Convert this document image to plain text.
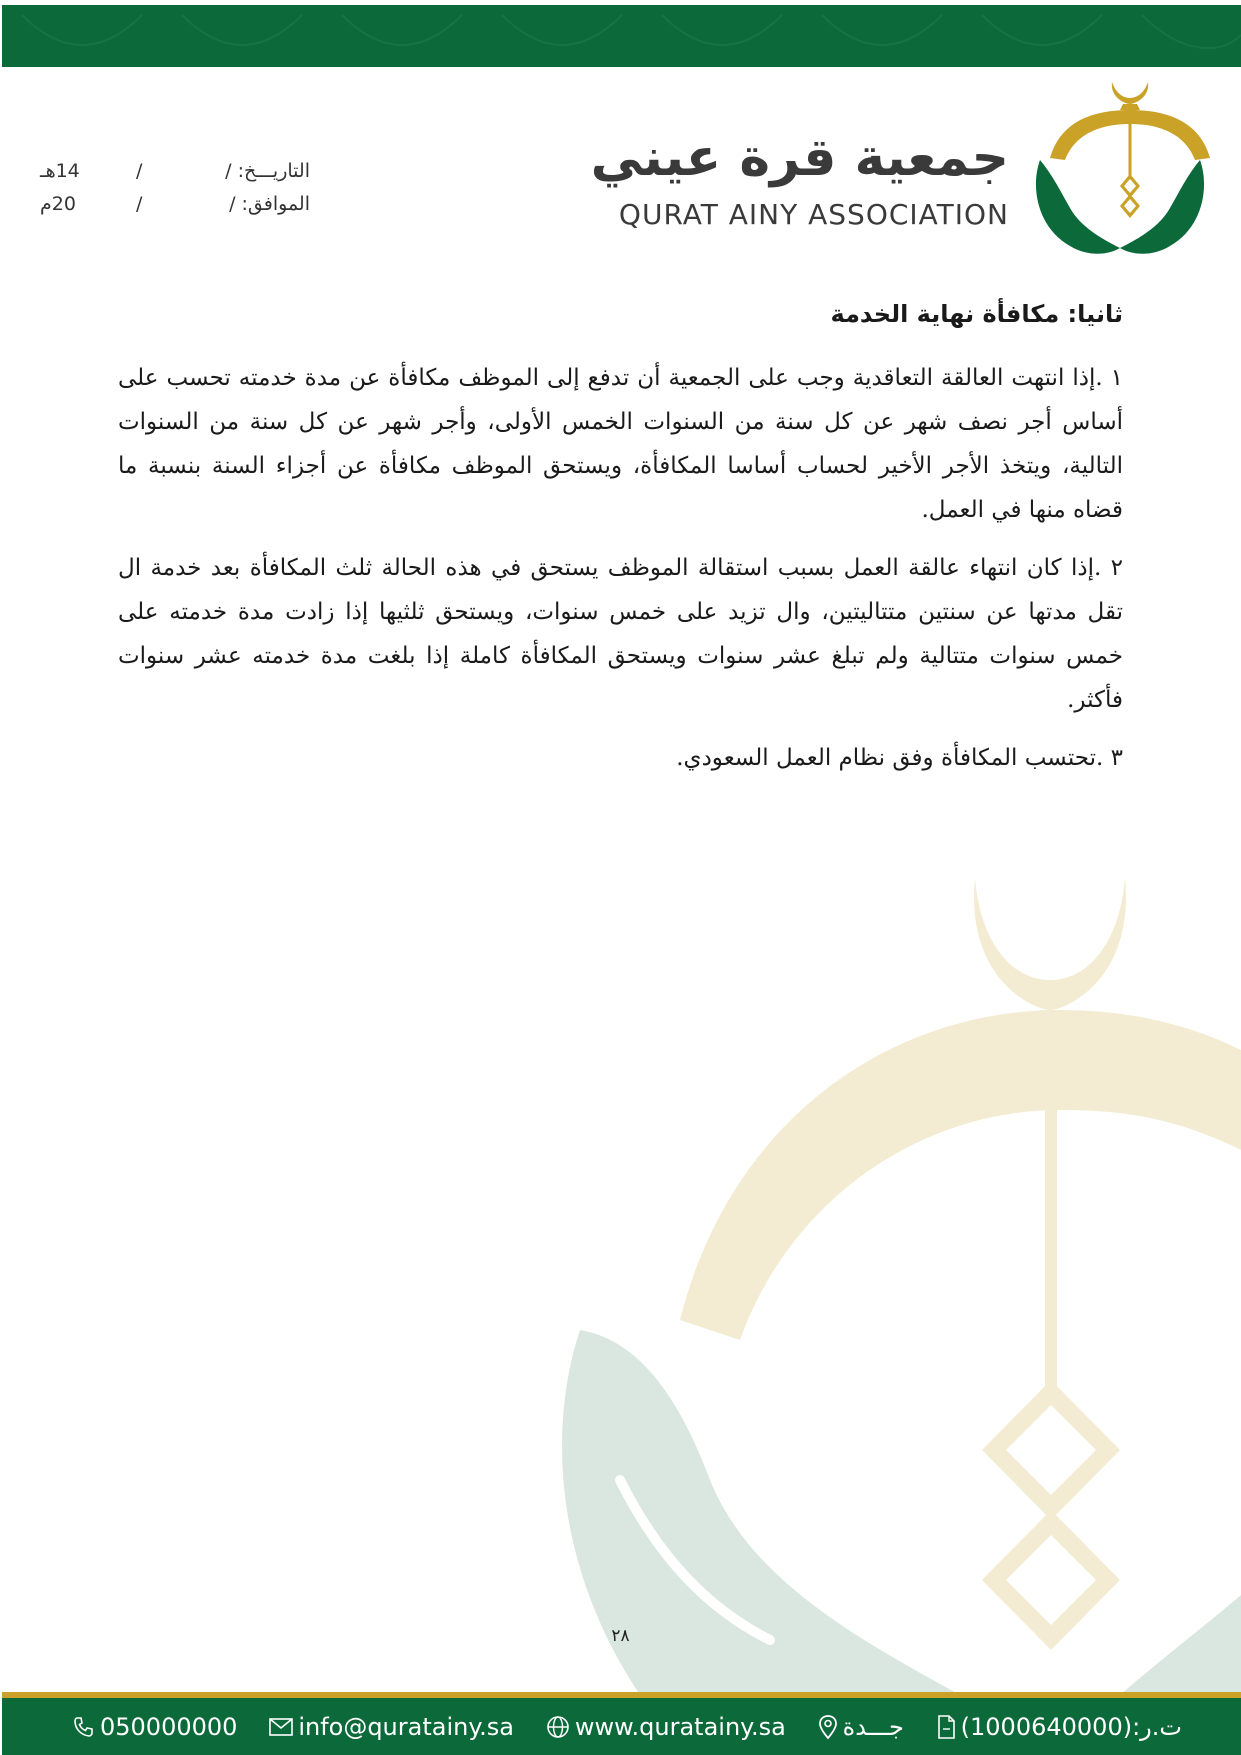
جمعية قرة عيني
QURAT AINY ASSOCIATION
التاريـــخ: /
/
14هـ
الموافق: /
/
20م
ثانيا: مكافأة نهاية الخدمة

١ .إذا انتهت العالقة التعاقدية وجب على الجمعية أن تدفع إلى الموظف مكافأة عن مدة خدمته تحسب على أساس أجر نصف شهر عن كل سنة من السنوات الخمس الأولى، وأجر شهر عن كل سنة من السنوات التالية، ويتخذ الأجر الأخير لحساب أساسا المكافأة، ويستحق الموظف مكافأة عن أجزاء السنة بنسبة ما قضاه منها في العمل.

٢ .إذا كان انتهاء عالقة العمل بسبب استقالة الموظف يستحق في هذه الحالة ثلث المكافأة بعد خدمة ال تقل مدتها عن سنتين متتاليتين، وال تزيد على خمس سنوات، ويستحق ثلثيها إذا زادت مدة خدمته على خمس سنوات متتالية ولم تبلغ عشر سنوات ويستحق المكافأة كاملة إذا بلغت مدة خدمته عشر سنوات فأكثر.

٣ .تحتسب المكافأة وفق نظام العمل السعودي.

٢٨
050000000	info@quratainy.sa	www.quratainy.sa جـــدة (1000640000):ت.ر
